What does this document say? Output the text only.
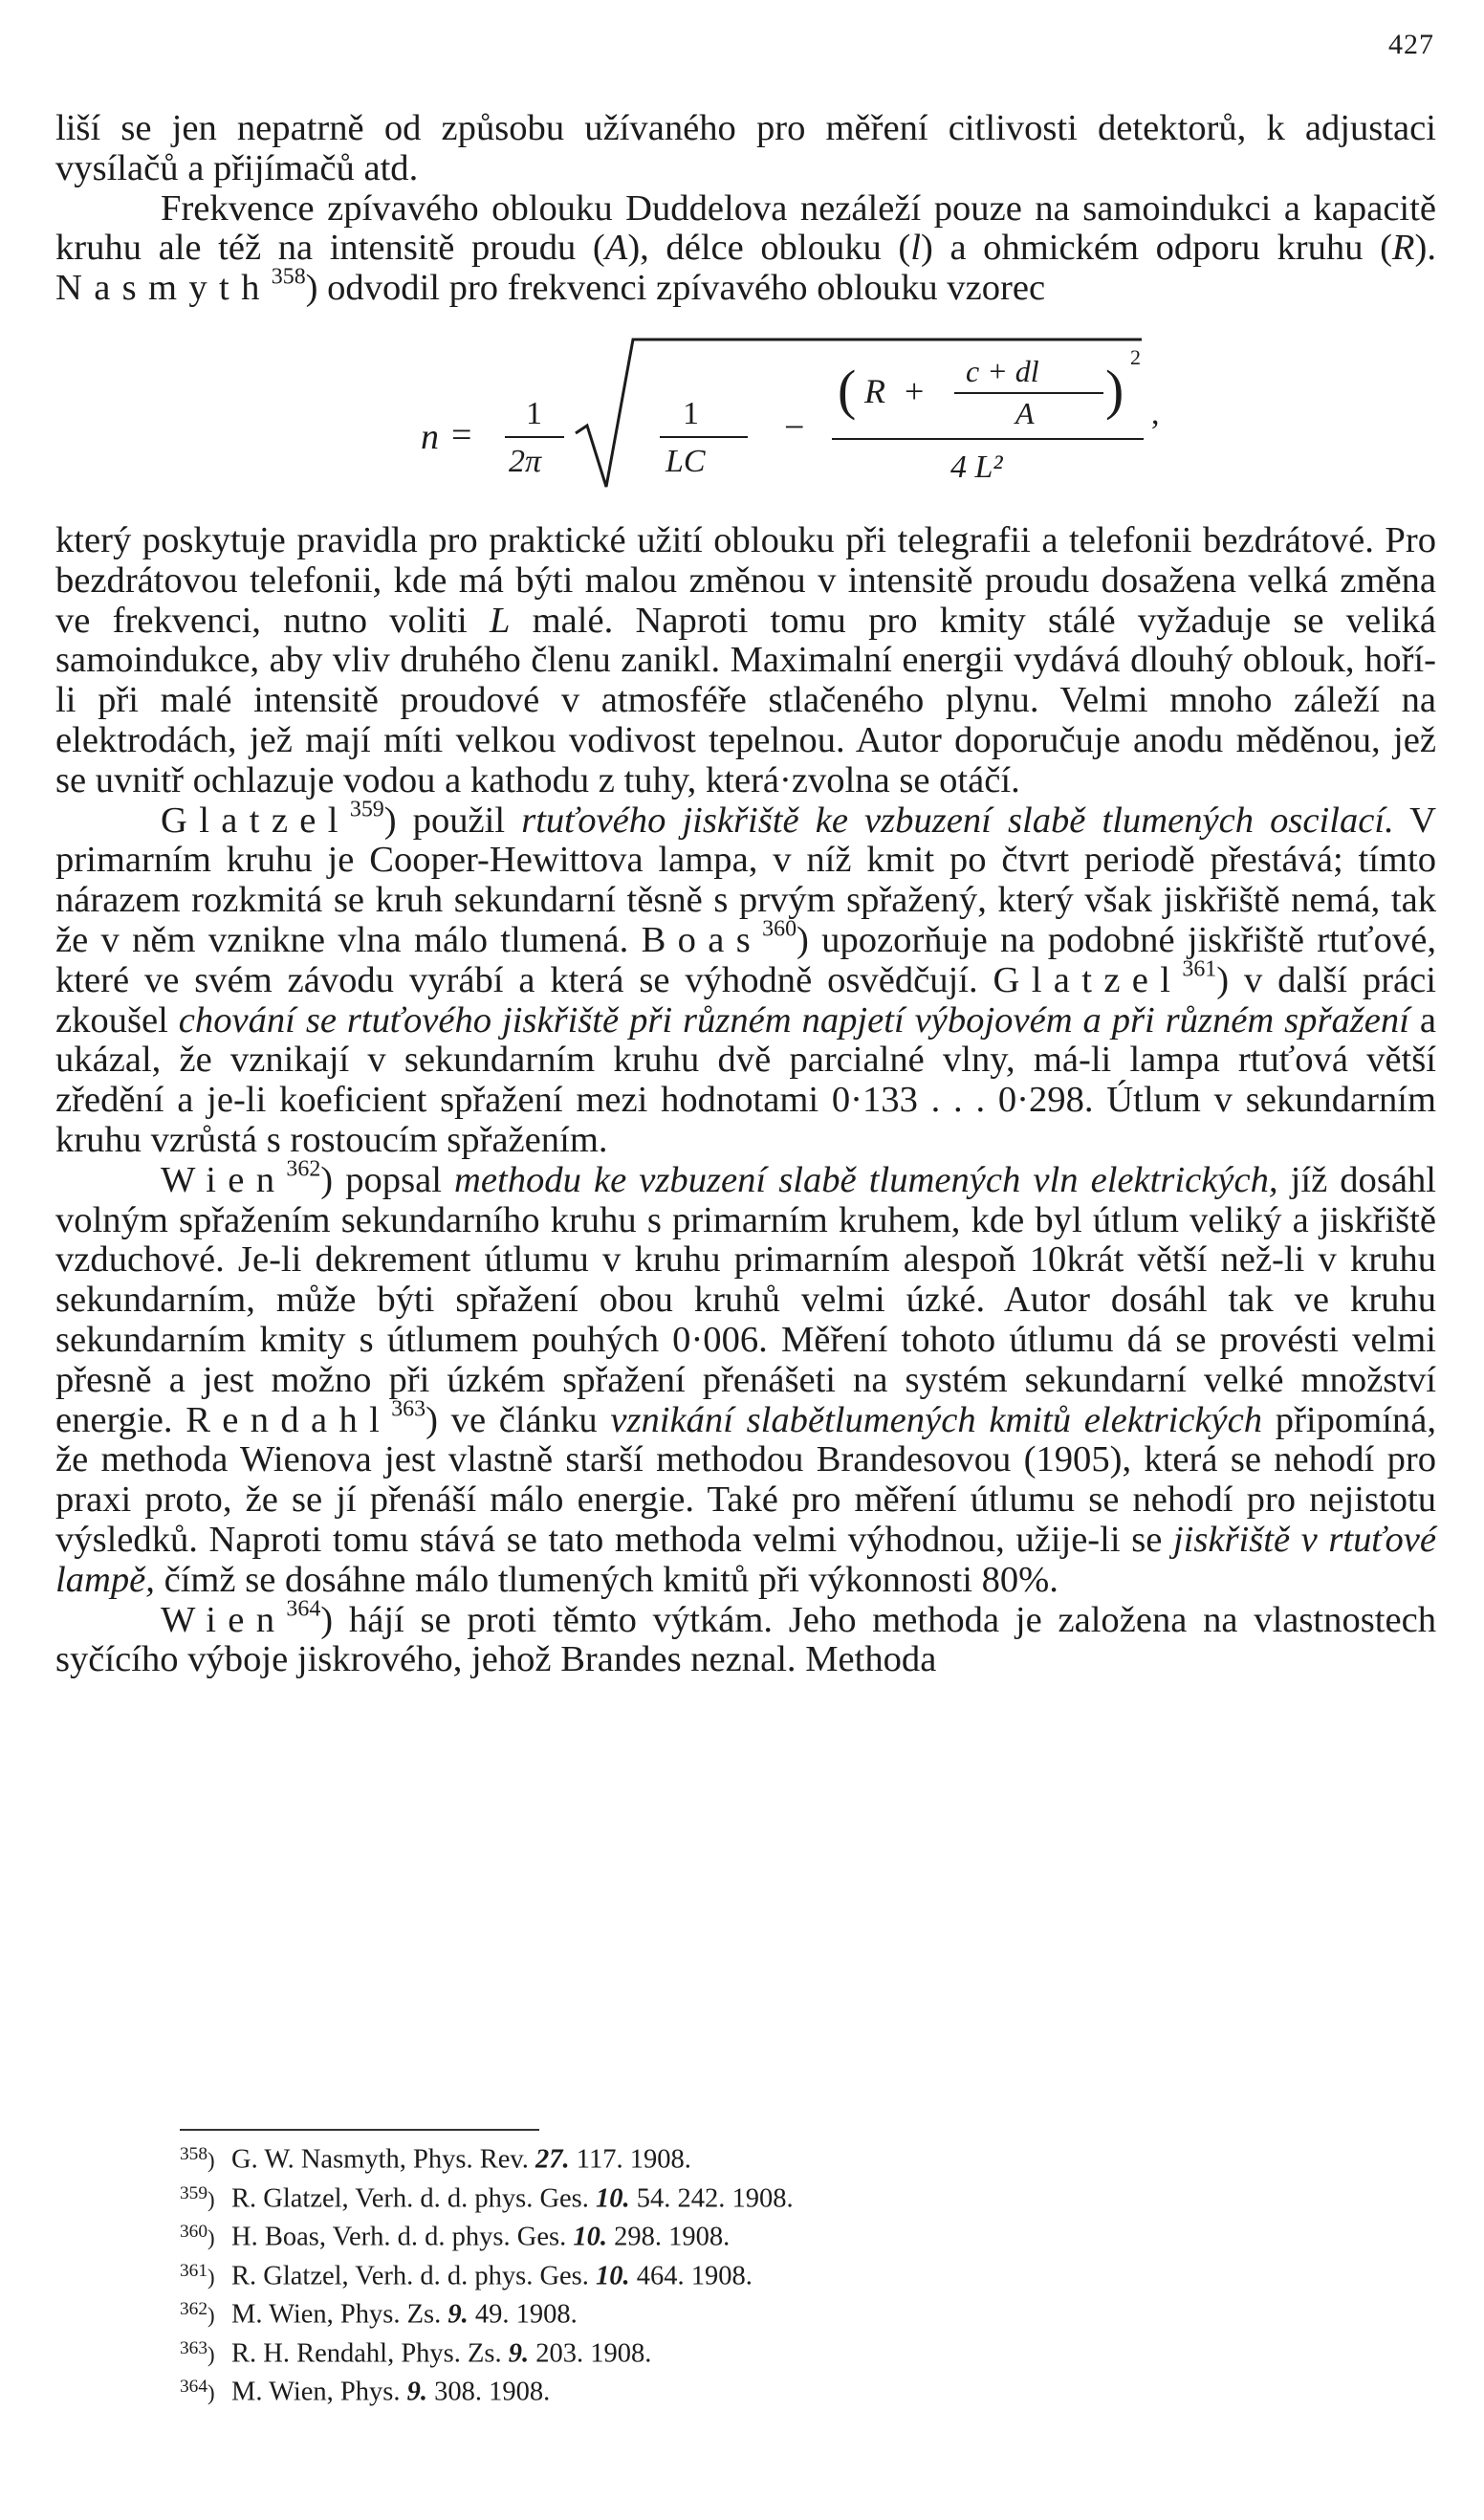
427

liší se jen nepatrně od způsobu užívaného pro měření citlivosti detektorů, k adjustaci vysílačů a přijímačů atd.

Frekvence zpívavého oblouku Duddelova nezáleží pouze na samoindukci a kapacitě kruhu ale též na intensitě proudu (A), délce oblouku (l) a ohmickém odporu kruhu (R). Nasmyth$^{358}$) odvodil pro frekvenci zpívavého oblouku vzorec

n =
1
2π
1
LC
−
( R +
c + dl
A )
2
4 L²
,

který poskytuje pravidla pro praktické užití oblouku při telegrafii a telefonii bezdrátové. Pro bezdrátovou telefonii, kde má býti malou změnou v intensitě proudu dosažena velká změna ve frekvenci, nutno voliti L malé. Naproti tomu pro kmity stálé vyžaduje se veliká samoindukce, aby vliv druhého členu zanikl. Maximalní energii vydává dlouhý oblouk, hoří-li při malé intensitě proudové v atmosféře stlačeného plynu. Velmi mnoho záleží na elektrodách, jež mají míti velkou vodivost tepelnou. Autor doporučuje anodu měděnou, jež se uvnitř ochlazuje vodou a kathodu z tuhy, která·zvolna se otáčí.

Glatzel$^{359}$) použil rtuťového jiskřiště ke vzbuzení slabě tlumených oscilací. V primarním kruhu je Cooper-Hewittova lampa, v níž kmit po čtvrt periodě přestává; tímto nárazem rozkmitá se kruh sekundarní těsně s prvým spřažený, který však jiskřiště nemá, tak že v něm vznikne vlna málo tlumená. Boas$^{360}$) upozorňuje na podobné jiskřiště rtuťové, které ve svém závodu vyrábí a která se výhodně osvědčují. Glatzel$^{361}$) v další práci zkoušel chování se rtuťového jiskřiště při různém napjetí výbojovém a při různém spřažení a ukázal, že vznikají v sekundarním kruhu dvě parcialné vlny, má-li lampa rtuťová větší zředění a je-li koeficient spřažení mezi hodnotami 0·133 . . . 0·298. Útlum v sekundarním kruhu vzrůstá s rostoucím spřažením.

Wien$^{362}$) popsal methodu ke vzbuzení slabě tlumených vln elektrických, jíž dosáhl volným spřažením sekundarního kruhu s primarním kruhem, kde byl útlum veliký a jiskřiště vzduchové. Je-li dekrement útlumu v kruhu primarním alespoň 10krát větší než-li v kruhu sekundarním, může býti spřažení obou kruhů velmi úzké. Autor dosáhl tak ve kruhu sekundarním kmity s útlumem pouhých 0·006. Měření tohoto útlumu dá se provésti velmi přesně a jest možno při úzkém spřažení přenášeti na systém sekundarní velké množství energie. Rendahl$^{363}$) ve článku vznikání slabětlumených kmitů elektrických připomíná, že methoda Wienova jest vlastně starší methodou Brandesovou (1905), která se nehodí pro praxi proto, že se jí přenáší málo energie. Také pro měření útlumu se nehodí pro nejistotu výsledků. Naproti tomu stává se tato methoda velmi výhodnou, užije-li se jiskřiště v rtuťové lampě, čímž se dosáhne málo tlumených kmitů při výkonnosti 80%.

Wien$^{364}$) hájí se proti těmto výtkám. Jeho methoda je založena na vlastnostech syčícího výboje jiskrového, jehož Brandes neznal. Methoda

$^{358}$) G. W. Nasmyth, Phys. Rev. 27. 117. 1908.
$^{359}$) R. Glatzel, Verh. d. d. phys. Ges. 10. 54. 242. 1908.
$^{360}$) H. Boas, Verh. d. d. phys. Ges. 10. 298. 1908.
$^{361}$) R. Glatzel, Verh. d. d. phys. Ges. 10. 464. 1908.
$^{362}$) M. Wien, Phys. Zs. 9. 49. 1908.
$^{363}$) R. H. Rendahl, Phys. Zs. 9. 203. 1908.
$^{364}$) M. Wien, Phys. 9. 308. 1908.
